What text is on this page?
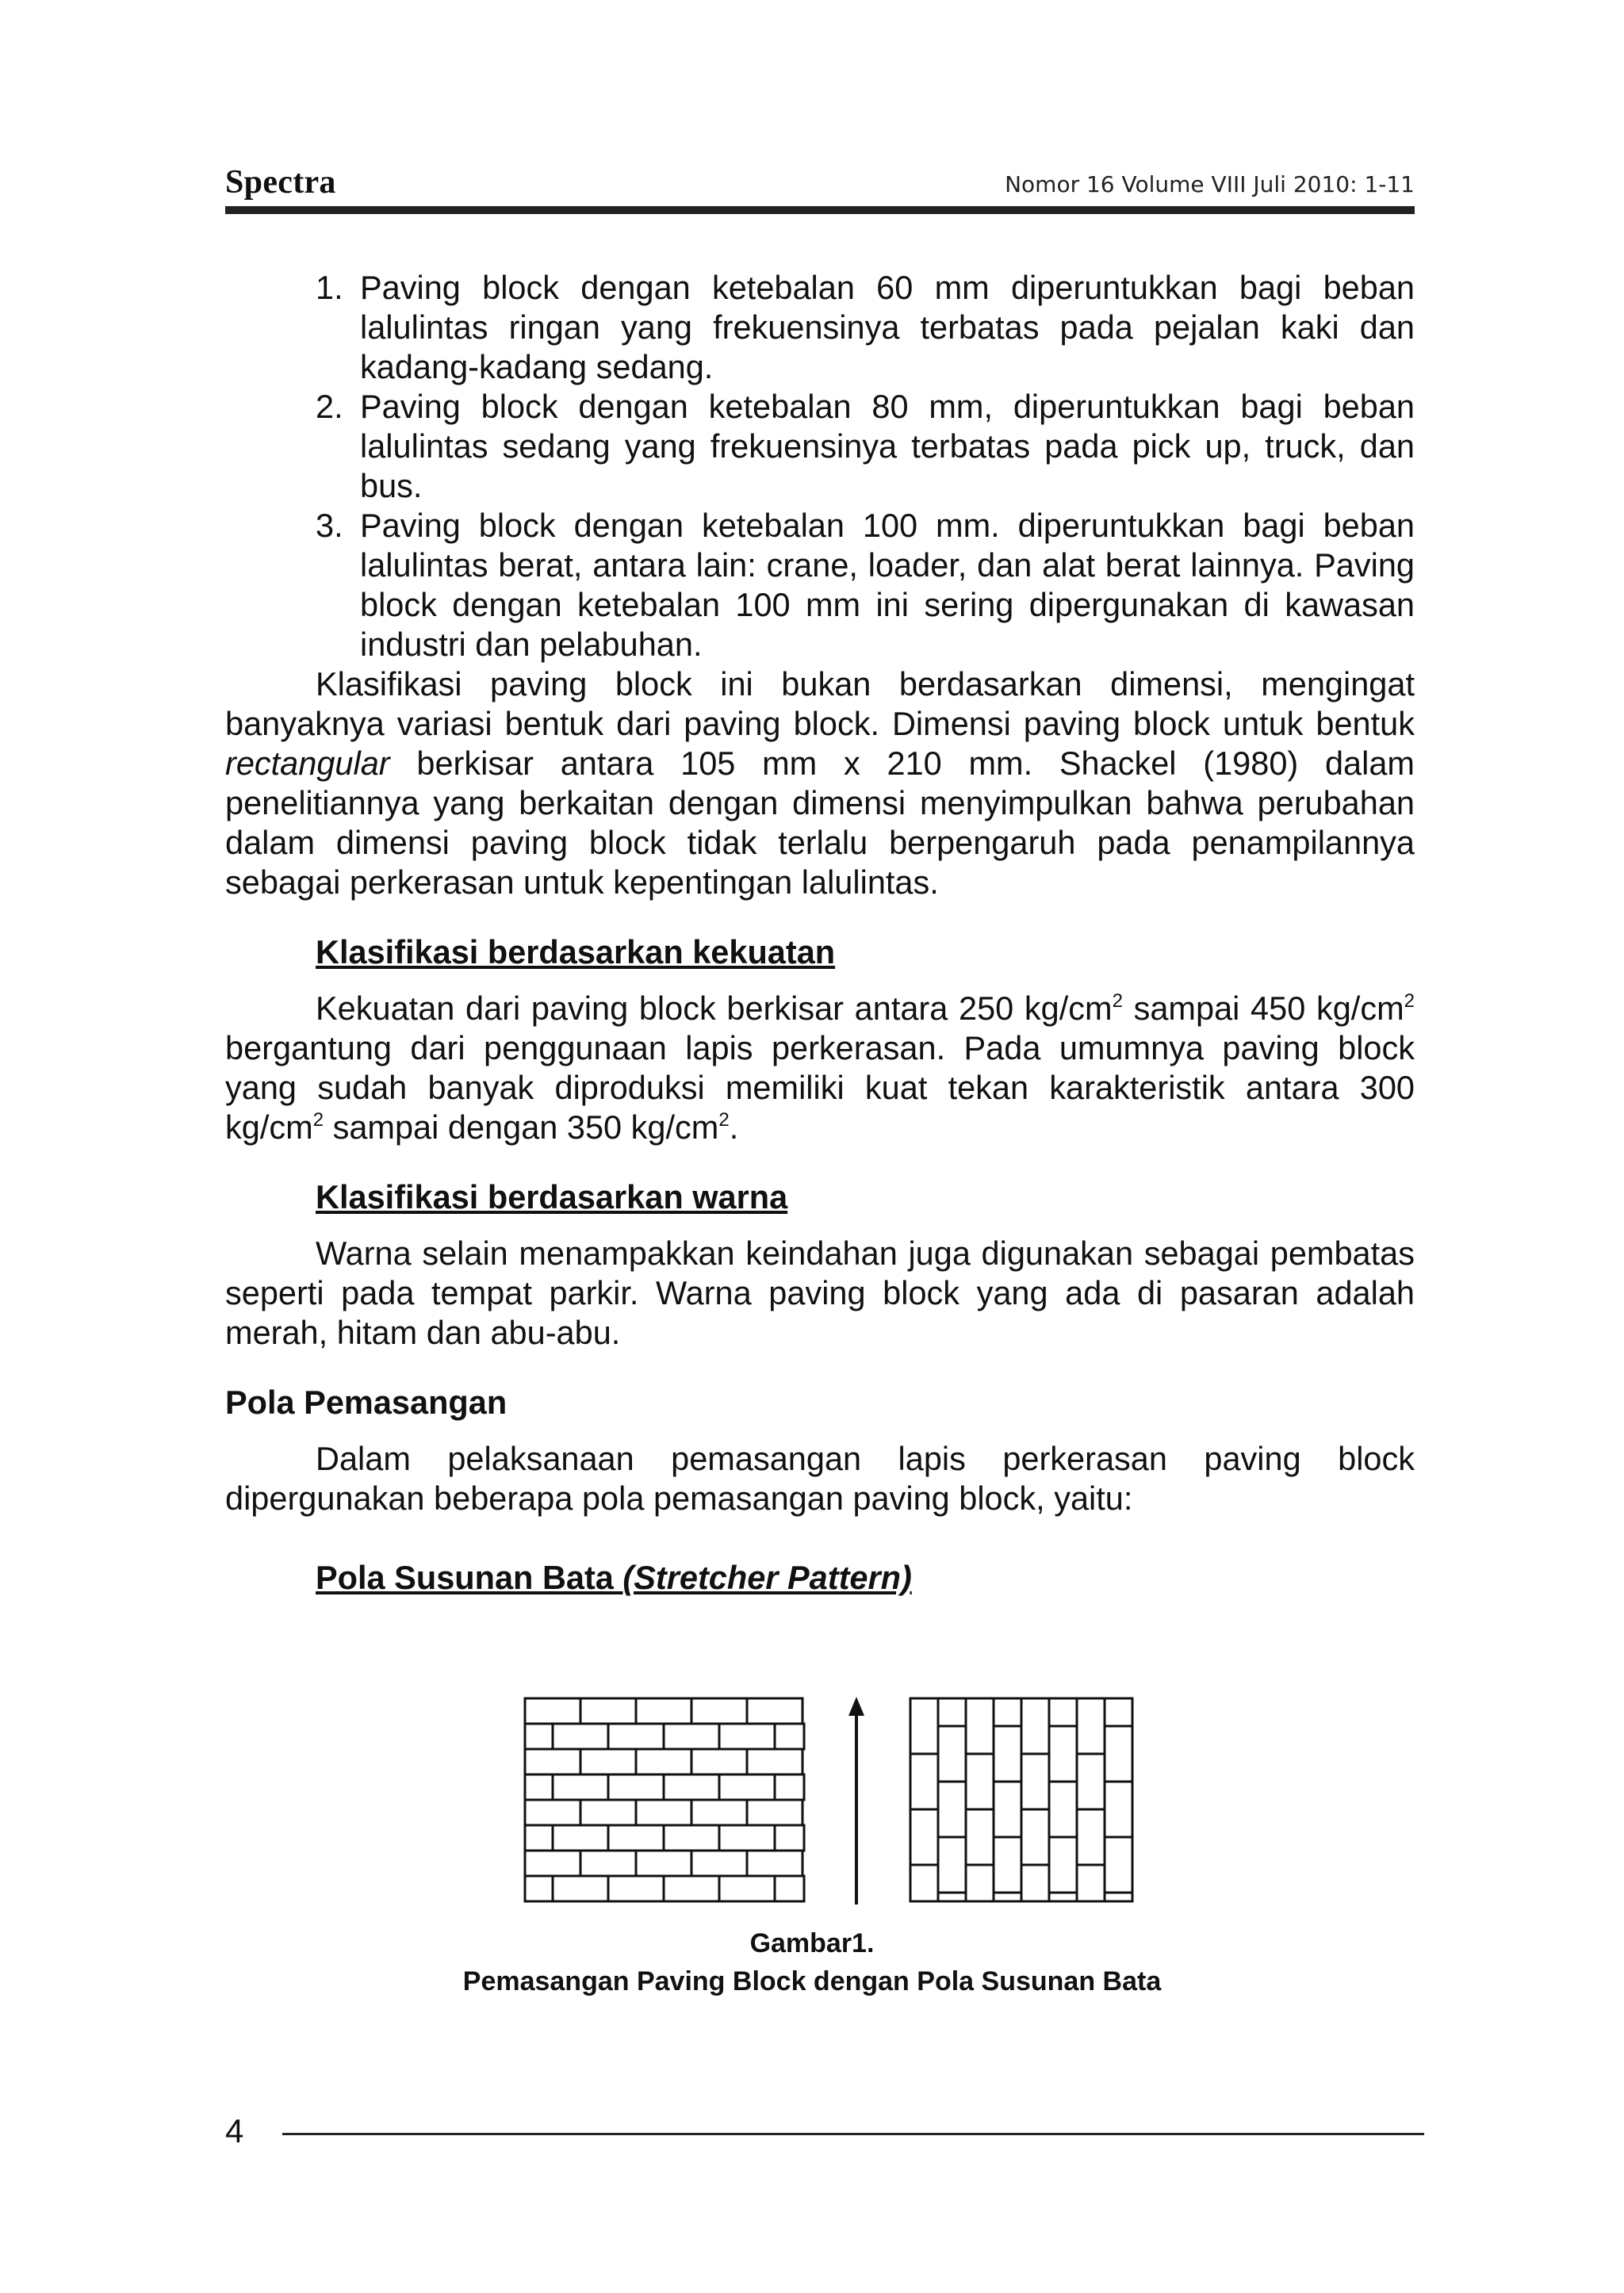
Spectra	Nomor 16 Volume VIII Juli 2010: 1-11
1. Paving block dengan ketebalan 60 mm diperuntukkan bagi beban lalulintas ringan yang frekuensinya terbatas pada pejalan kaki dan kadang-kadang sedang.
2. Paving block dengan ketebalan 80 mm, diperuntukkan bagi beban lalulintas sedang yang frekuensinya terbatas pada pick up, truck, dan bus.
3. Paving block dengan ketebalan 100 mm. diperuntukkan bagi beban lalulintas berat, antara lain: crane, loader, dan alat berat lainnya. Paving block dengan ketebalan 100 mm ini sering dipergunakan di kawasan industri dan pelabuhan.

Klasifikasi paving block ini bukan berdasarkan dimensi, mengingat banyaknya variasi bentuk dari paving block. Dimensi paving block untuk bentuk rectangular berkisar antara 105 mm x 210 mm. Shackel (1980) dalam penelitiannya yang berkaitan dengan dimensi menyimpulkan bahwa perubahan dalam dimensi paving block tidak terlalu berpengaruh pada penampilannya sebagai perkerasan untuk kepentingan lalulintas.

Klasifikasi berdasarkan kekuatan

Kekuatan dari paving block berkisar antara 250 $kg/cm^2$ sampai 450 $kg/cm^2$ bergantung dari penggunaan lapis perkerasan. Pada umumnya paving block yang sudah banyak diproduksi memiliki kuat tekan karakteristik antara 300 $kg/cm^2$ sampai dengan 350 $kg/cm^2$.

Klasifikasi berdasarkan warna

Warna selain menampakkan keindahan juga digunakan sebagai pembatas seperti pada tempat parkir. Warna paving block yang ada di pasaran adalah merah, hitam dan abu-abu.

Pola Pemasangan

Dalam pelaksanaan pemasangan lapis perkerasan paving block dipergunakan beberapa pola pemasangan paving block, yaitu:

Pola Susunan Bata (Stretcher Pattern)
Gambar1.
Pemasangan Paving Block dengan Pola Susunan Bata
4
